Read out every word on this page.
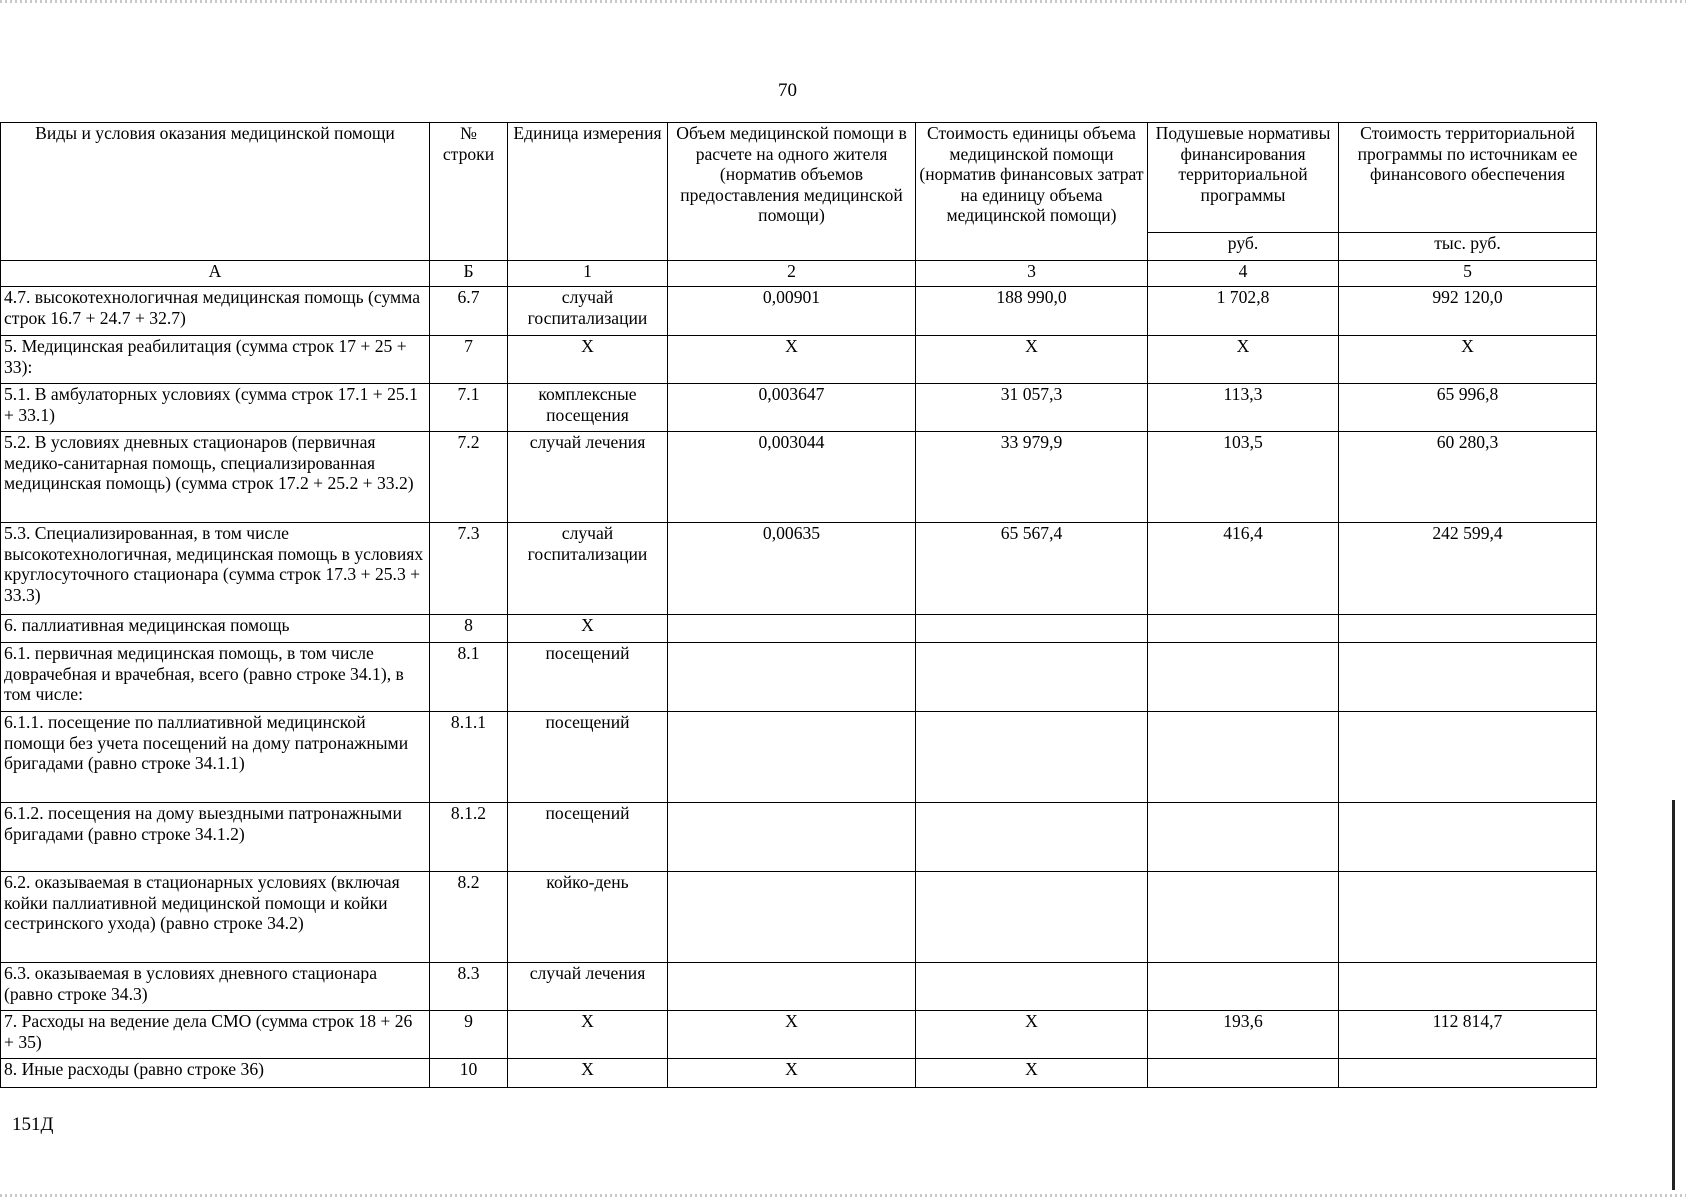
70
Виды и условия оказания медицинской помощи	№ строки	Единица измерения	Объем медицинской помощи в расчете на одного жителя (норматив объемов предоставления медицинской помощи)	Стоимость единицы объема медицинской помощи (норматив финансовых затрат на единицу объема медицинской помощи)	Подушевые нормативы финансирования территориальной программы	Стоимость территориальной программы по источникам ее финансового обеспечения
					руб.	тыс. руб.
А	Б	1	2	3	4	5
4.7. высокотехнологичная медицинская помощь (сумма строк 16.7 + 24.7 + 32.7)	6.7	случай госпитализации	0,00901	188 990,0	1 702,8	992 120,0
5. Медицинская реабилитация (сумма строк 17 + 25 + 33):	7	X	X	X	X	X
5.1. В амбулаторных условиях (сумма строк 17.1 + 25.1 + 33.1)	7.1	комплексные посещения	0,003647	31 057,3	113,3	65 996,8
5.2. В условиях дневных стационаров (первичная медико-санитарная помощь, специализированная медицинская помощь) (сумма строк 17.2 + 25.2 + 33.2)	7.2	случай лечения	0,003044	33 979,9	103,5	60 280,3
5.3. Специализированная, в том числе высокотехнологичная, медицинская помощь в условиях круглосуточного стационара (сумма строк 17.3 + 25.3 + 33.3)	7.3	случай госпитализации	0,00635	65 567,4	416,4	242 599,4
6. паллиативная медицинская помощь	8	X				
6.1. первичная медицинская помощь, в том числе доврачебная и врачебная, всего (равно строке 34.1), в том числе:	8.1	посещений				
6.1.1. посещение по паллиативной медицинской помощи без учета посещений на дому патронажными бригадами (равно строке 34.1.1)	8.1.1	посещений				
6.1.2. посещения на дому выездными патронажными бригадами (равно строке 34.1.2)	8.1.2	посещений				
6.2. оказываемая в стационарных условиях (включая койки паллиативной медицинской помощи и койки сестринского ухода) (равно строке 34.2)	8.2	койко-день				
6.3. оказываемая в условиях дневного стационара (равно строке 34.3)	8.3	случай лечения				
7. Расходы на ведение дела СМО (сумма строк 18 + 26 + 35)	9	X	X	X	193,6	112 814,7
8. Иные расходы (равно строке 36)	10	X	X	X		
151Д
